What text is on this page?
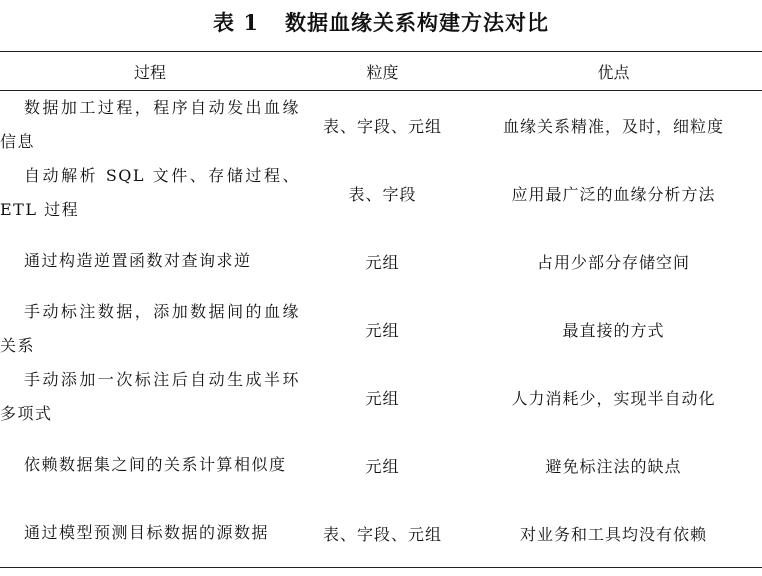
表 1 数据血缘关系构建方法对比
过程	粒度	优点

数据加工过程，程序自动发出血缘信息	表、字段、元组	血缘关系精准，及时，细粒度

自动解析 SQL 文件、存储过程、ETL 过程	表、字段	应用最广泛的血缘分析方法

通过构造逆置函数对查询求逆	元组	占用少部分存储空间

手动标注数据，添加数据间的血缘关系	元组	最直接的方式

手动添加一次标注后自动生成半环多项式	元组	人力消耗少，实现半自动化

依赖数据集之间的关系计算相似度	元组	避免标注法的缺点

通过模型预测目标数据的源数据	表、字段、元组	对业务和工具均没有依赖
